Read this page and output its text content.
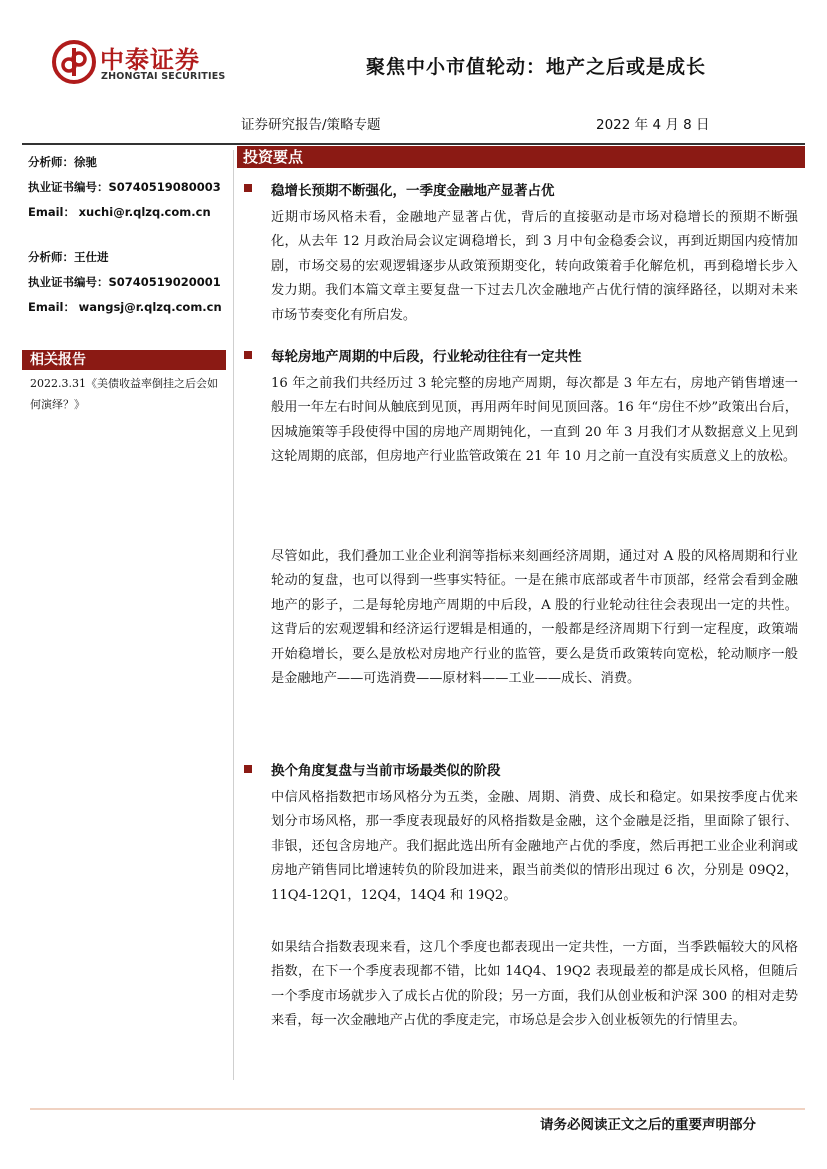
中泰证券
ZHONGTAI SECURITIES	聚焦中小市值轮动：地产之后或是成长
证券研究报告/策略专题	2022 年 4 月 8 日
分析师：徐驰
执业证书编号：S0740519080003
Email： xuchi@r.qlzq.com.cn
分析师：王仕进
执业证书编号：S0740519020001
Email： wangsj@r.qlzq.com.cn
相关报告
2022.3.31《美债收益率倒挂之后会如何演绎？》
投资要点
稳增长预期不断强化，一季度金融地产显著占优
近期市场风格未看，金融地产显著占优，背后的直接驱动是市场对稳增长的预期不断强化，从去年 12 月政治局会议定调稳增长，到 3 月中旬金稳委会议，再到近期国内疫情加剧，市场交易的宏观逻辑逐步从政策预期变化，转向政策着手化解危机，再到稳增长步入发力期。我们本篇文章主要复盘一下过去几次金融地产占优行情的演绎路径，以期对未来市场节奏变化有所启发。
每轮房地产周期的中后段，行业轮动往往有一定共性
16 年之前我们共经历过 3 轮完整的房地产周期，每次都是 3 年左右，房地产销售增速一般用一年左右时间从触底到见顶，再用两年时间见顶回落。16 年“房住不炒”政策出台后，因城施策等手段使得中国的房地产周期钝化，一直到 20 年 3 月我们才从数据意义上见到这轮周期的底部，但房地产行业监管政策在 21 年 10 月之前一直没有实质意义上的放松。
尽管如此，我们叠加工业企业利润等指标来刻画经济周期，通过对 A 股的风格周期和行业轮动的复盘，也可以得到一些事实特征。一是在熊市底部或者牛市顶部，经常会看到金融地产的影子，二是每轮房地产周期的中后段，A 股的行业轮动往往会表现出一定的共性。这背后的宏观逻辑和经济运行逻辑是相通的，一般都是经济周期下行到一定程度，政策端开始稳增长，要么是放松对房地产行业的监管，要么是货币政策转向宽松，轮动顺序一般是金融地产——可选消费——原材料——工业——成长、消费。
换个角度复盘与当前市场最类似的阶段
中信风格指数把市场风格分为五类，金融、周期、消费、成长和稳定。如果按季度占优来划分市场风格，那一季度表现最好的风格指数是金融，这个金融是泛指，里面除了银行、非银，还包含房地产。我们据此选出所有金融地产占优的季度，然后再把工业企业利润或房地产销售同比增速转负的阶段加进来，跟当前类似的情形出现过 6 次，分别是 09Q2，11Q4-12Q1，12Q4，14Q4 和 19Q2。
如果结合指数表现来看，这几个季度也都表现出一定共性，一方面，当季跌幅较大的风格指数，在下一个季度表现都不错，比如 14Q4、19Q2 表现最差的都是成长风格，但随后一个季度市场就步入了成长占优的阶段；另一方面，我们从创业板和沪深 300 的相对走势来看，每一次金融地产占优的季度走完，市场总是会步入创业板领先的行情里去。
请务必阅读正文之后的重要声明部分
